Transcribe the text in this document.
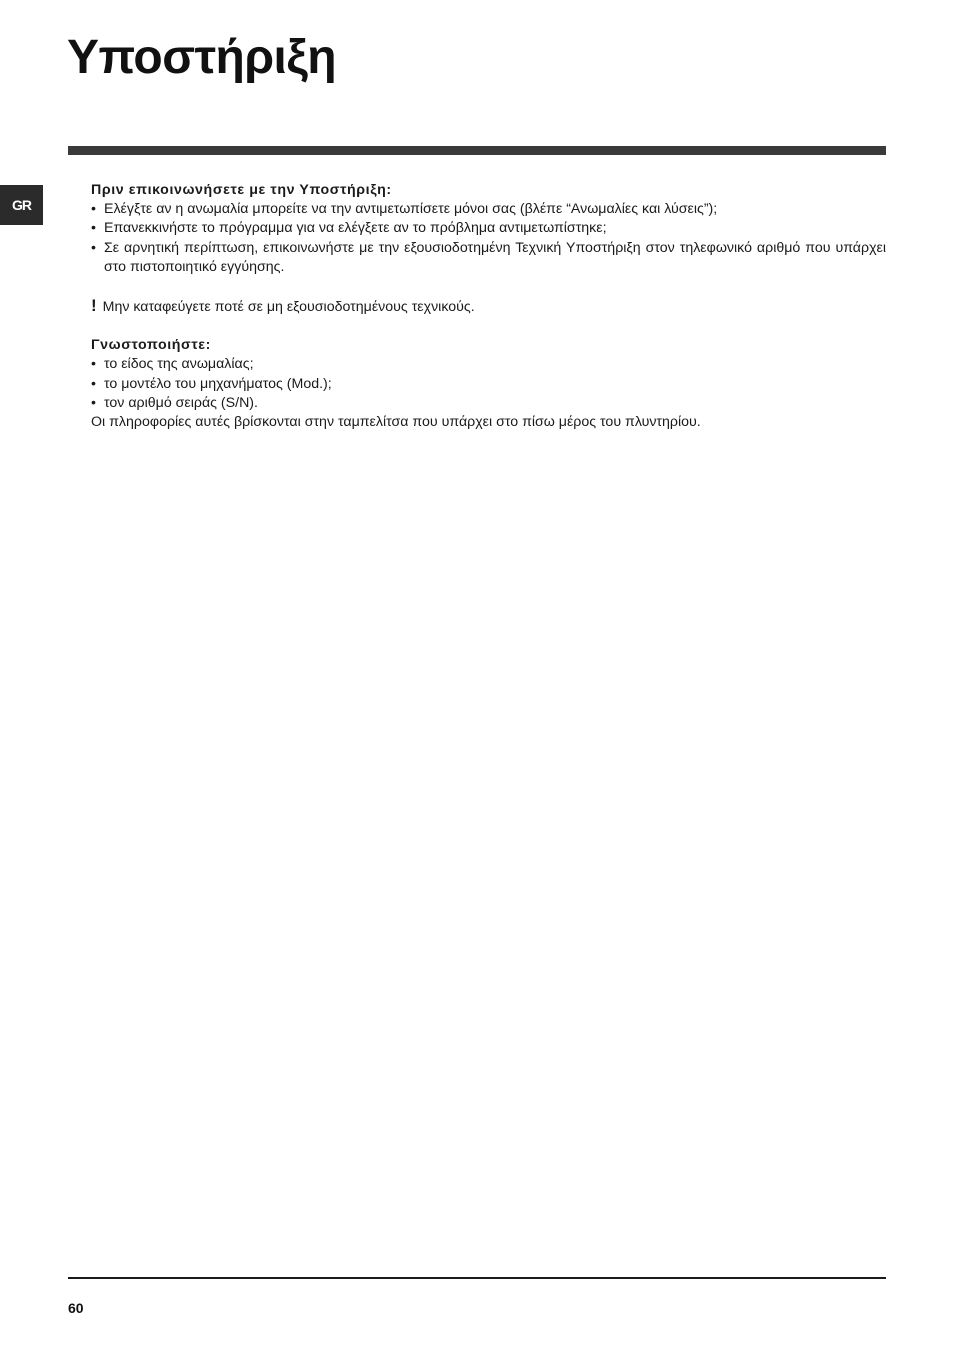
Υποστήριξη
GR

Πριν επικοινωνήσετε με την Υποστήριξη:

• Ελέγξτε αν η ανωμαλία μπορείτε να την αντιμετωπίσετε μόνοι σας (βλέπε “Ανωμαλίες και λύσεις”);
• Επανεκκινήστε το πρόγραμμα για να ελέγξετε αν το πρόβλημα αντιμετωπίστηκε;
• Σε αρνητική περίπτωση, επικοινωνήστε με την εξουσιοδοτημένη Τεχνική Υποστήριξη στον τηλεφωνικό αριθμό που υπάρχει στο πιστοποιητικό εγγύησης.
! Μην καταφεύγετε ποτέ σε μη εξουσιοδοτημένους τεχνικούς.

Γνωστοποιήστε:

• το είδος της ανωμαλίας;
• το μοντέλο του μηχανήματος (Mod.);
• τον αριθμό σειράς (S/N).
Οι πληροφορίες αυτές βρίσκονται στην ταμπελίτσα που υπάρχει στο πίσω μέρος του πλυντηρίου.
60
